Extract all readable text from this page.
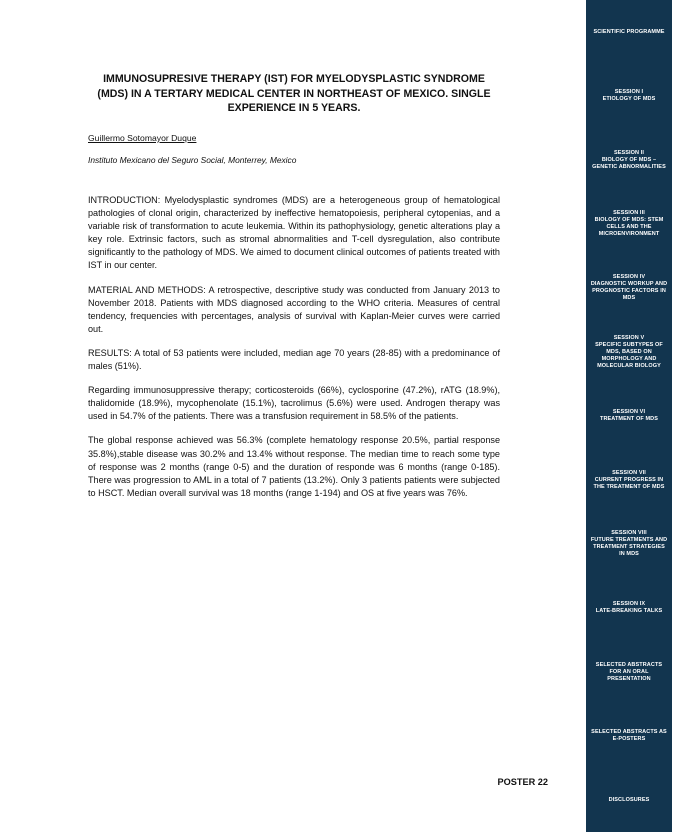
IMMUNOSUPRESIVE THERAPY (IST) FOR MYELODYSPLASTIC SYNDROME (MDS) IN A TERTARY MEDICAL CENTER IN NORTHEAST OF MEXICO. SINGLE EXPERIENCE IN 5 YEARS.
Guillermo Sotomayor Duque
Instituto Mexicano del Seguro Social, Monterrey, Mexico

INTRODUCTION: Myelodysplastic syndromes (MDS) are a heterogeneous group of hematological pathologies of clonal origin, characterized by ineffective hematopoiesis, peripheral cytopenias, and a variable risk of transformation to acute leukemia. Within its pathophysiology, genetic alterations play a key role. Extrinsic factors, such as stromal abnormalities and T-cell dysregulation, also contribute significantly to the pathology of MDS. We aimed to document clinical outcomes of patients treated with IST in our center.

MATERIAL AND METHODS: A retrospective, descriptive study was conducted from January 2013 to November 2018. Patients with MDS diagnosed according to the WHO criteria. Measures of central tendency, frequencies with percentages, analysis of survival with Kaplan-Meier curves were carried out.

RESULTS: A total of 53 patients were included, median age 70 years (28-85) with a predominance of males (51%).

Regarding immunosuppressive therapy; corticosteroids (66%), cyclosporine (47.2%), rATG (18.9%), thalidomide (18.9%), mycophenolate (15.1%), tacrolimus (5.6%) were used. Androgen therapy was used in 54.7% of the patients. There was a transfusion requirement in 58.5% of the patients.

The global response achieved was 56.3% (complete hematology response 20.5%, partial response 35.8%),stable disease was 30.2% and 13.4% without response. The median time to reach some type of response was 2 months (range 0-5) and the duration of responde was 6 months (range 0-185). There was progression to AML in a total of 7 patients (13.2%). Only 3 patients patients were subjected to HSCT. Median overall survival was 18 months (range 1-194) and OS at five years was 76%.

POSTER 22
SCIENTIFIC PROGRAMME
SESSION I
ETIOLOGY OF MDS
SESSION II
BIOLOGY OF MDS – GENETIC ABNORMALITIES
SESSION III
BIOLOGY OF MDS: STEM CELLS AND THE MICROENVIRONMENT
SESSION IV
DIAGNOSTIC WORKUP AND PROGNOSTIC FACTORS IN MDS
SESSION V
SPECIFIC SUBTYPES OF MDS, BASED ON MORPHOLOGY AND MOLECULAR BIOLOGY
SESSION VI
TREATMENT OF MDS
SESSION VII
CURRENT PROGRESS IN THE TREATMENT OF MDS
SESSION VIII
FUTURE TREATMENTS AND TREATMENT STRATEGIES IN MDS
SESSION IX
LATE-BREAKING TALKS
SELECTED ABSTRACTS FOR AN ORAL PRESENTATION
SELECTED ABSTRACTS AS E-POSTERS
DISCLOSURES
